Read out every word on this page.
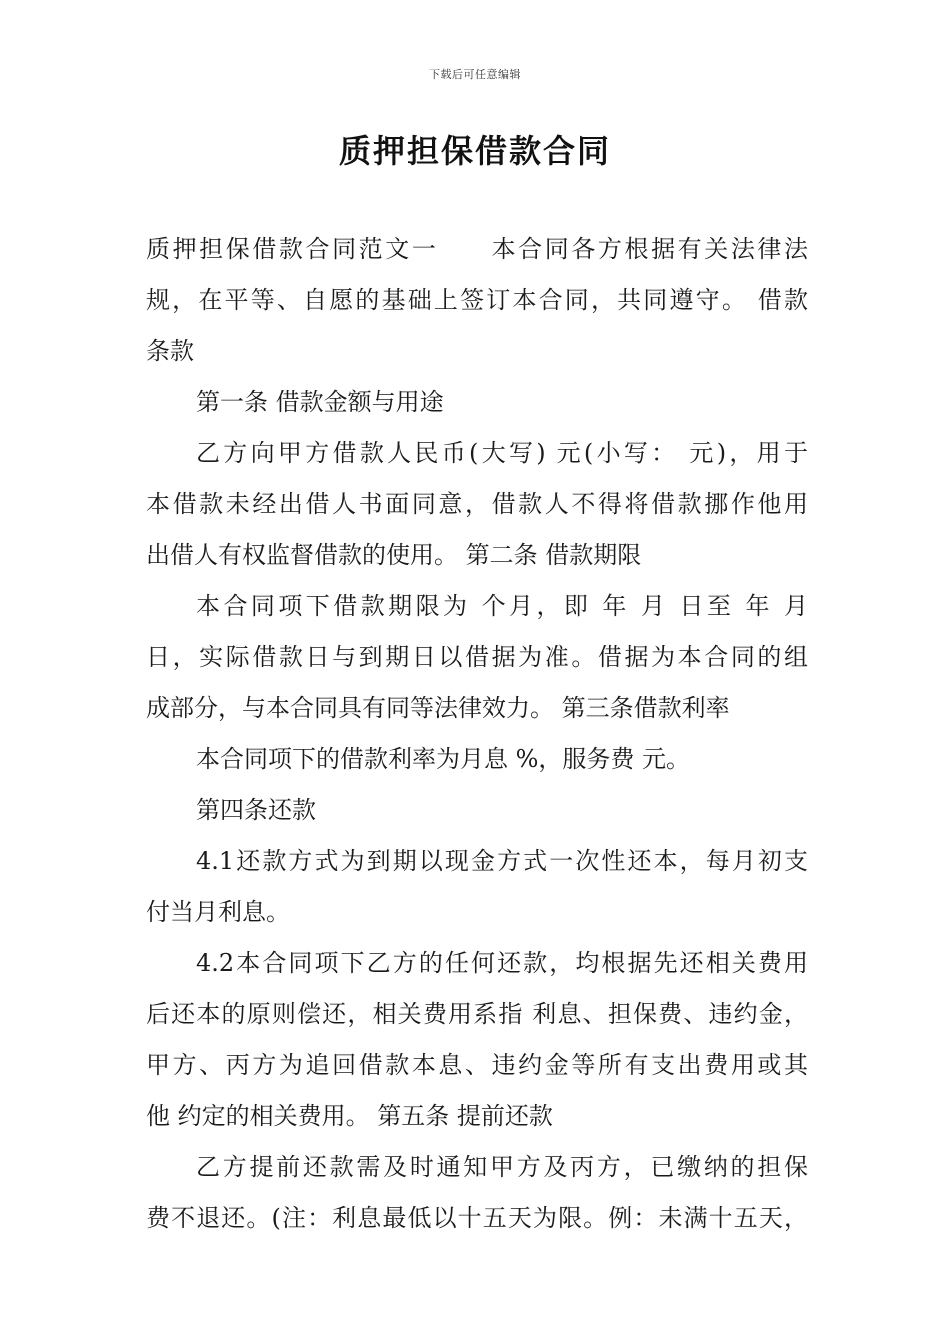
下载后可任意编辑
质押担保借款合同
质押担保借款合同范文一　　本合同各方根据有关法律法
规，在平等、自愿的基础上签订本合同，共同遵守。 借款
条款
第一条 借款金额与用途
乙方向甲方借款人民币(大写) 元(小写： 元)，用于
本借款未经出借人书面同意，借款人不得将借款挪作他用
出借人有权监督借款的使用。 第二条 借款期限
本合同项下借款期限为 个月，即 年 月 日至 年 月
日，实际借款日与到期日以借据为准。借据为本合同的组
成部分，与本合同具有同等法律效力。 第三条借款利率
本合同项下的借款利率为月息 %，服务费 元。
第四条还款
4.1还款方式为到期以现金方式一次性还本，每月初支
付当月利息。
4.2本合同项下乙方的任何还款，均根据先还相关费用
后还本的原则偿还，相关费用系指 利息、担保费、违约金，
甲方、丙方为追回借款本息、违约金等所有支出费用或其
他 约定的相关费用。 第五条 提前还款
乙方提前还款需及时通知甲方及丙方，已缴纳的担保
费不退还。(注：利息最低以十五天为限。例：未满十五天，
